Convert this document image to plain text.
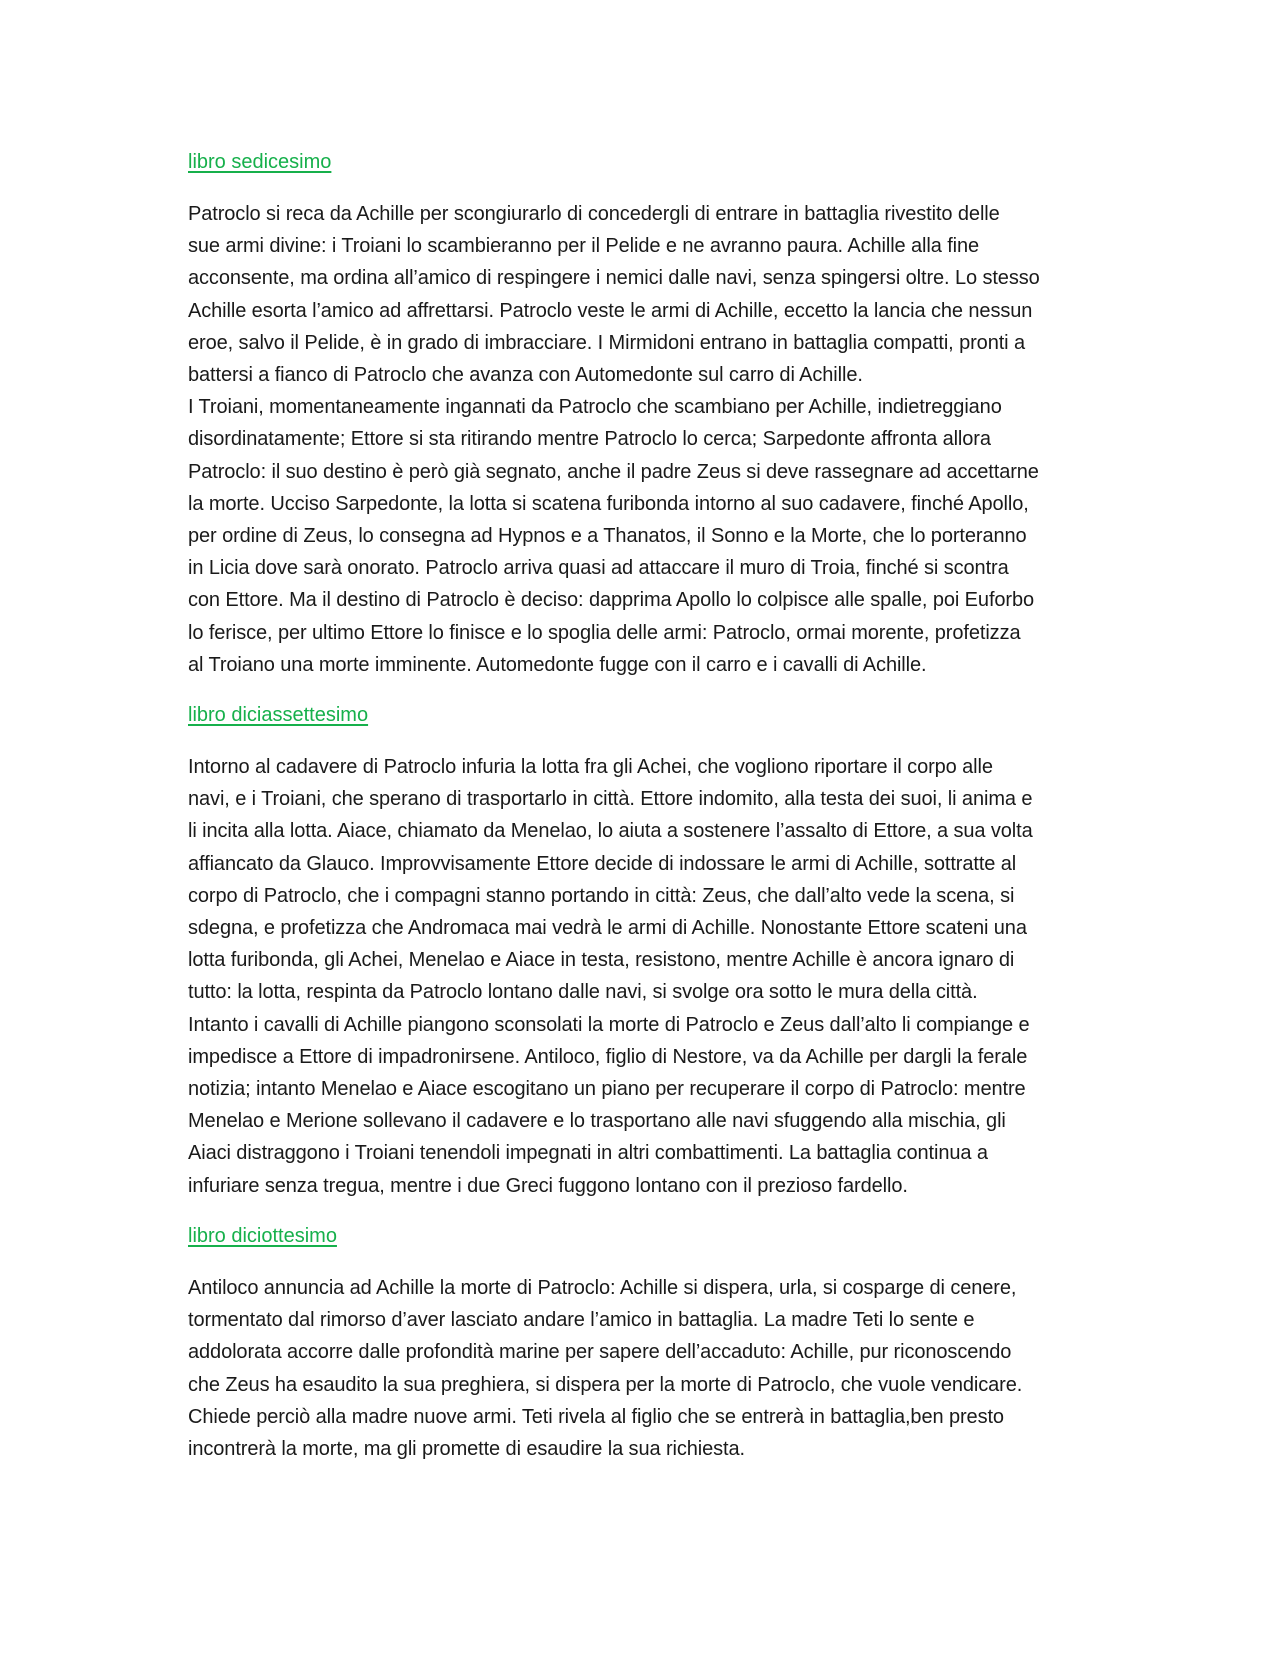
libro sedicesimo

Patroclo si reca da Achille per scongiurarlo di concedergli di entrare in battaglia rivestito delle
sue armi divine: i Troiani lo scambieranno per il Pelide e ne avranno paura. Achille alla fine
acconsente, ma ordina all’amico di respingere i nemici dalle navi, senza spingersi oltre. Lo stesso
Achille esorta l’amico ad affrettarsi. Patroclo veste le armi di Achille, eccetto la lancia che nessun
eroe, salvo il Pelide, è in grado di imbracciare. I Mirmidoni entrano in battaglia compatti, pronti a
battersi a fianco di Patroclo che avanza con Automedonte sul carro di Achille.
I Troiani, momentaneamente ingannati da Patroclo che scambiano per Achille, indietreggiano
disordinatamente; Ettore si sta ritirando mentre Patroclo lo cerca; Sarpedonte affronta allora
Patroclo: il suo destino è però già segnato, anche il padre Zeus si deve rassegnare ad accettarne
la morte. Ucciso Sarpedonte, la lotta si scatena furibonda intorno al suo cadavere, finché Apollo,
per ordine di Zeus, lo consegna ad Hypnos e a Thanatos, il Sonno e la Morte, che lo porteranno
in Licia dove sarà onorato. Patroclo arriva quasi ad attaccare il muro di Troia, finché si scontra
con Ettore. Ma il destino di Patroclo è deciso: dapprima Apollo lo colpisce alle spalle, poi Euforbo
lo ferisce, per ultimo Ettore lo finisce e lo spoglia delle armi: Patroclo, ormai morente, profetizza
al Troiano una morte imminente. Automedonte fugge con il carro e i cavalli di Achille.

libro diciassettesimo

Intorno al cadavere di Patroclo infuria la lotta fra gli Achei, che vogliono riportare il corpo alle
navi, e i Troiani, che sperano di trasportarlo in città. Ettore indomito, alla testa dei suoi, li anima e
li incita alla lotta. Aiace, chiamato da Menelao, lo aiuta a sostenere l’assalto di Ettore, a sua volta
affiancato da Glauco. Improvvisamente Ettore decide di indossare le armi di Achille, sottratte al
corpo di Patroclo, che i compagni stanno portando in città: Zeus, che dall’alto vede la scena, si
sdegna, e profetizza che Andromaca mai vedrà le armi di Achille. Nonostante Ettore scateni una
lotta furibonda, gli Achei, Menelao e Aiace in testa, resistono, mentre Achille è ancora ignaro di
tutto: la lotta, respinta da Patroclo lontano dalle navi, si svolge ora sotto le mura della città.
Intanto i cavalli di Achille piangono sconsolati la morte di Patroclo e Zeus dall’alto li compiange e
impedisce a Ettore di impadronirsene. Antiloco, figlio di Nestore, va da Achille per dargli la ferale
notizia; intanto Menelao e Aiace escogitano un piano per recuperare il corpo di Patroclo: mentre
Menelao e Merione sollevano il cadavere e lo trasportano alle navi sfuggendo alla mischia, gli
Aiaci distraggono i Troiani tenendoli impegnati in altri combattimenti. La battaglia continua a
infuriare senza tregua, mentre i due Greci fuggono lontano con il prezioso fardello.

libro diciottesimo

Antiloco annuncia ad Achille la morte di Patroclo: Achille si dispera, urla, si cosparge di cenere,
tormentato dal rimorso d’aver lasciato andare l’amico in battaglia. La madre Teti lo sente e
addolorata accorre dalle profondità marine per sapere dell’accaduto: Achille, pur riconoscendo
che Zeus ha esaudito la sua preghiera, si dispera per la morte di Patroclo, che vuole vendicare.
Chiede perciò alla madre nuove armi. Teti rivela al figlio che se entrerà in battaglia,ben presto
incontrerà la morte, ma gli promette di esaudire la sua richiesta.
